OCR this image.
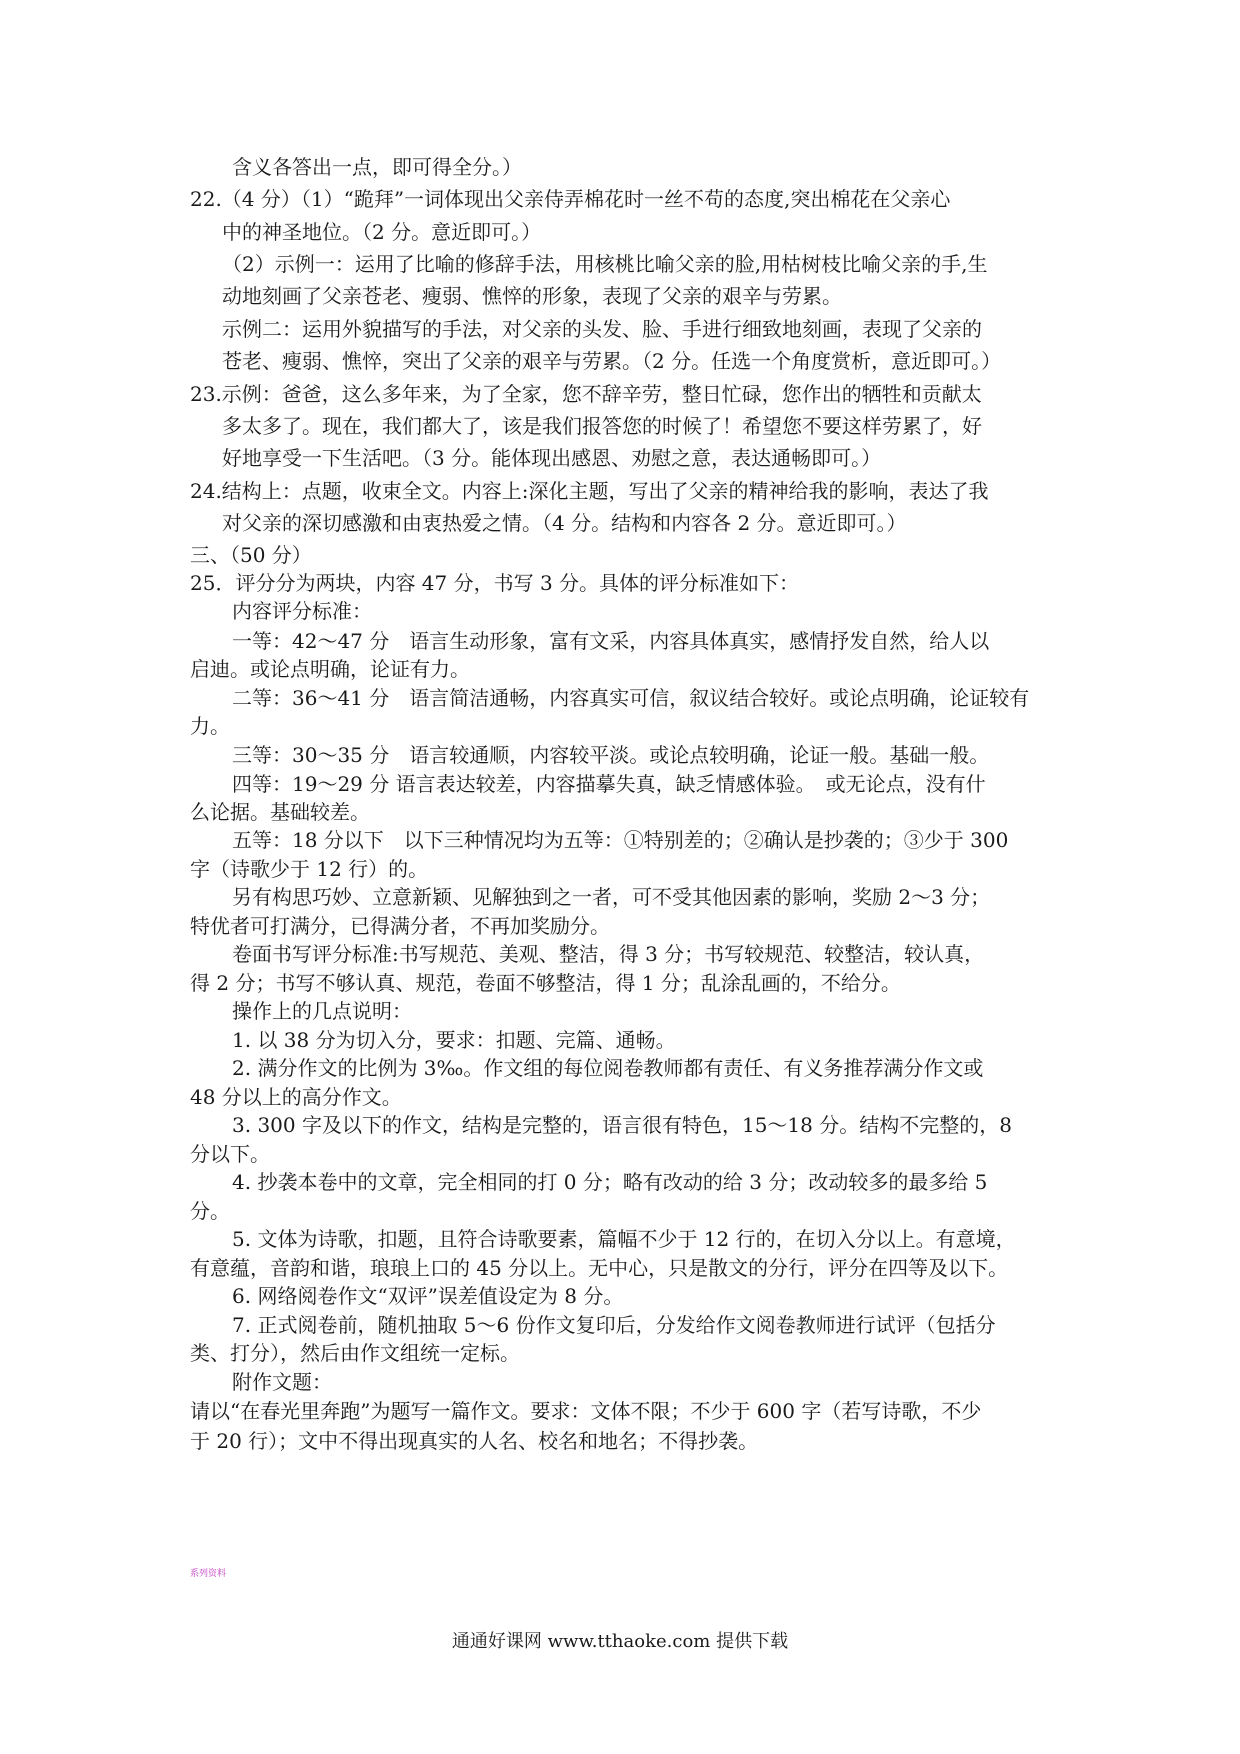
含义各答出一点，即可得全分。）
22.（4 分）（1）“跪拜”一词体现出父亲侍弄棉花时一丝不苟的态度,突出棉花在父亲心
中的神圣地位。（2 分。意近即可。）
（2）示例一：运用了比喻的修辞手法，用核桃比喻父亲的脸,用枯树枝比喻父亲的手,生
动地刻画了父亲苍老、瘦弱、憔悴的形象，表现了父亲的艰辛与劳累。
示例二：运用外貌描写的手法，对父亲的头发、脸、手进行细致地刻画，表现了父亲的
苍老、瘦弱、憔悴，突出了父亲的艰辛与劳累。（2 分。任选一个角度赏析，意近即可。）
23.示例：爸爸，这么多年来，为了全家，您不辞辛劳，整日忙碌，您作出的牺牲和贡献太
多太多了。现在，我们都大了，该是我们报答您的时候了！希望您不要这样劳累了，好
好地享受一下生活吧。（3 分。能体现出感恩、劝慰之意，表达通畅即可。）
24.结构上：点题，收束全文。内容上:深化主题，写出了父亲的精神给我的影响，表达了我
对父亲的深切感激和由衷热爱之情。（4 分。结构和内容各 2 分。意近即可。）
三、（50 分）
25．评分分为两块，内容 47 分，书写 3 分。具体的评分标准如下：
内容评分标准：
一等：42～47 分　语言生动形象，富有文采，内容具体真实，感情抒发自然，给人以
启迪。或论点明确，论证有力。
二等：36～41 分　语言简洁通畅，内容真实可信，叙议结合较好。或论点明确，论证较有
力。
三等：30～35 分　语言较通顺，内容较平淡。或论点较明确，论证一般。基础一般。
四等：19～29 分 语言表达较差，内容描摹失真，缺乏情感体验。　或无论点，没有什
么论据。基础较差。
五等：18 分以下　以下三种情况均为五等：①特别差的；②确认是抄袭的；③少于 300
字（诗歌少于 12 行）的。
另有构思巧妙、立意新颖、见解独到之一者，可不受其他因素的影响，奖励 2～3 分；
特优者可打满分，已得满分者，不再加奖励分。
卷面书写评分标准:书写规范、美观、整洁，得 3 分；书写较规范、较整洁，较认真，
得 2 分；书写不够认真、规范，卷面不够整洁，得 1 分；乱涂乱画的，不给分。
操作上的几点说明：
1. 以 38 分为切入分，要求：扣题、完篇、通畅。
2. 满分作文的比例为 3‰。作文组的每位阅卷教师都有责任、有义务推荐满分作文或
48 分以上的高分作文。
3. 300 字及以下的作文，结构是完整的，语言很有特色，15～18 分。结构不完整的，8
分以下。
4. 抄袭本卷中的文章，完全相同的打 0 分；略有改动的给 3 分；改动较多的最多给 5
分。
5. 文体为诗歌，扣题，且符合诗歌要素，篇幅不少于 12 行的，在切入分以上。有意境，
有意蕴，音韵和谐，琅琅上口的 45 分以上。无中心，只是散文的分行，评分在四等及以下。
6. 网络阅卷作文“双评”误差值设定为 8 分。
7. 正式阅卷前，随机抽取 5～6 份作文复印后，分发给作文阅卷教师进行试评（包括分
类、打分），然后由作文组统一定标。
附作文题：
请以“在春光里奔跑”为题写一篇作文。要求：文体不限；不少于 600 字（若写诗歌，不少
于 20 行）；文中不得出现真实的人名、校名和地名；不得抄袭。
系列资料
通通好课网 www.tthaoke.com 提供下载
